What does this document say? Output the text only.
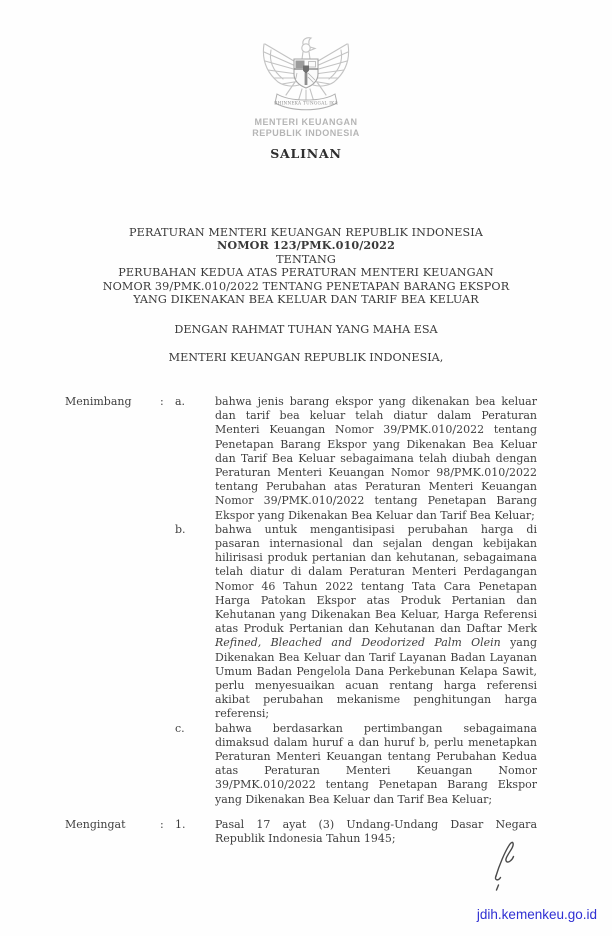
BHINNEKA TUNGGAL IKA
MENTERI KEUANGAN
REPUBLIK INDONESIA
SALINAN
PERATURAN MENTERI KEUANGAN REPUBLIK INDONESIA
NOMOR 123/PMK.010/2022
TENTANG
PERUBAHAN KEDUA ATAS PERATURAN MENTERI KEUANGAN
NOMOR 39/PMK.010/2022 TENTANG PENETAPAN BARANG EKSPOR
YANG DIKENAKAN BEA KELUAR DAN TARIF BEA KELUAR
DENGAN RAHMAT TUHAN YANG MAHA ESA
MENTERI KEUANGAN REPUBLIK INDONESIA,
Menimbang	:	a.	bahwa jenis barang ekspor yang dikenakan bea keluar dan tarif bea keluar telah diatur dalam Peraturan Menteri Keuangan Nomor 39/PMK.010/2022 tentang Penetapan Barang Ekspor yang Dikenakan Bea Keluar dan Tarif Bea Keluar sebagaimana telah diubah dengan Peraturan Menteri Keuangan Nomor 98/PMK.010/2022 tentang Perubahan atas Peraturan Menteri Keuangan Nomor 39/PMK.010/2022 tentang Penetapan Barang Ekspor yang Dikenakan Bea Keluar dan Tarif Bea Keluar;

b.	bahwa untuk mengantisipasi perubahan harga di pasaran internasional dan sejalan dengan kebijakan hilirisasi produk pertanian dan kehutanan, sebagaimana telah diatur di dalam Peraturan Menteri Perdagangan Nomor 46 Tahun 2022 tentang Tata Cara Penetapan Harga Patokan Ekspor atas Produk Pertanian dan Kehutanan yang Dikenakan Bea Keluar, Harga Referensi atas Produk Pertanian dan Kehutanan dan Daftar Merk Refined, Bleached and Deodorized Palm Olein yang Dikenakan Bea Keluar dan Tarif Layanan Badan Layanan Umum Badan Pengelola Dana Perkebunan Kelapa Sawit, perlu menyesuaikan acuan rentang harga referensi akibat perubahan mekanisme penghitungan harga referensi;

c.	bahwa berdasarkan pertimbangan sebagaimana dimaksud dalam huruf a dan huruf b, perlu menetapkan Peraturan Menteri Keuangan tentang Perubahan Kedua atas Peraturan Menteri Keuangan Nomor 39/PMK.010/2022 tentang Penetapan Barang Ekspor yang Dikenakan Bea Keluar dan Tarif Bea Keluar;

Mengingat	:	1.	Pasal 17 ayat (3) Undang-Undang Dasar Negara Republik Indonesia Tahun 1945;

jdih.kemenkeu.go.id
